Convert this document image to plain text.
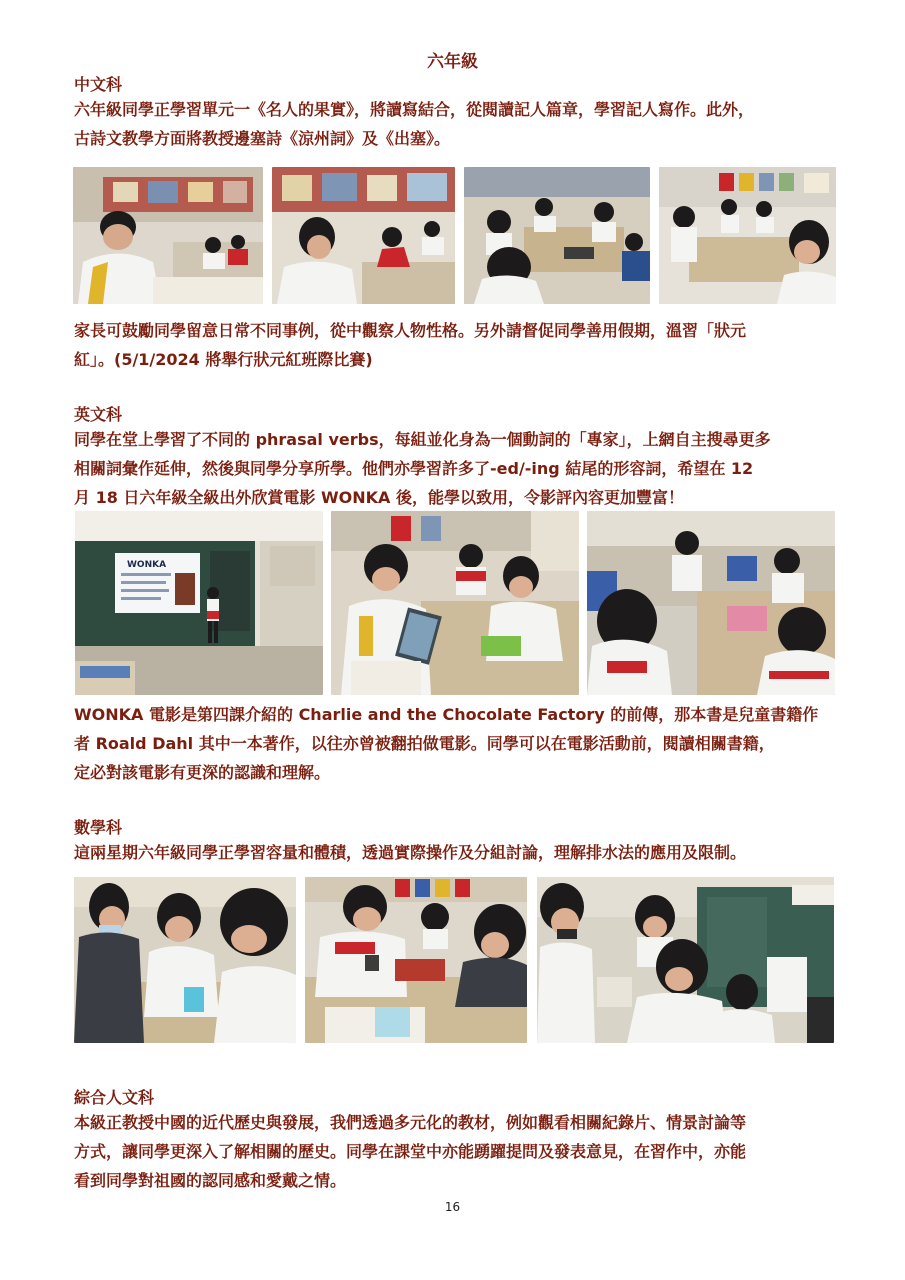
六年級
中文科
六年級同學正學習單元一《名人的果實》，將讀寫結合，從閱讀記人篇章，學習記人寫作。此外，
古詩文教學方面將教授邊塞詩《涼州詞》及《出塞》。
家長可鼓勵同學留意日常不同事例，從中觀察人物性格。另外請督促同學善用假期，溫習「狀元
紅」。(5/1/2024 將舉行狀元紅班際比賽)
英文科
同學在堂上學習了不同的 phrasal verbs，每組並化身為一個動詞的「專家」，上網自主搜尋更多
相關詞彙作延伸，然後與同學分享所學。他們亦學習許多了-ed/-ing 結尾的形容詞，希望在 12
月 18 日六年級全級出外欣賞電影 WONKA 後，能學以致用，令影評內容更加豐富！
WONKA
WONKA 電影是第四課介紹的 Charlie and the Chocolate Factory 的前傳，那本書是兒童書籍作
者 Roald Dahl 其中一本著作，以往亦曾被翻拍做電影。同學可以在電影活動前，閱讀相關書籍，
定必對該電影有更深的認識和理解。
數學科
這兩星期六年級同學正學習容量和體積，透過實際操作及分組討論，理解排水法的應用及限制。
綜合人文科
本級正教授中國的近代歷史與發展，我們透過多元化的教材，例如觀看相關紀錄片、情景討論等
方式，讓同學更深入了解相關的歷史。同學在課堂中亦能踴躍提問及發表意見，在習作中，亦能
看到同學對祖國的認同感和愛戴之情。
16
